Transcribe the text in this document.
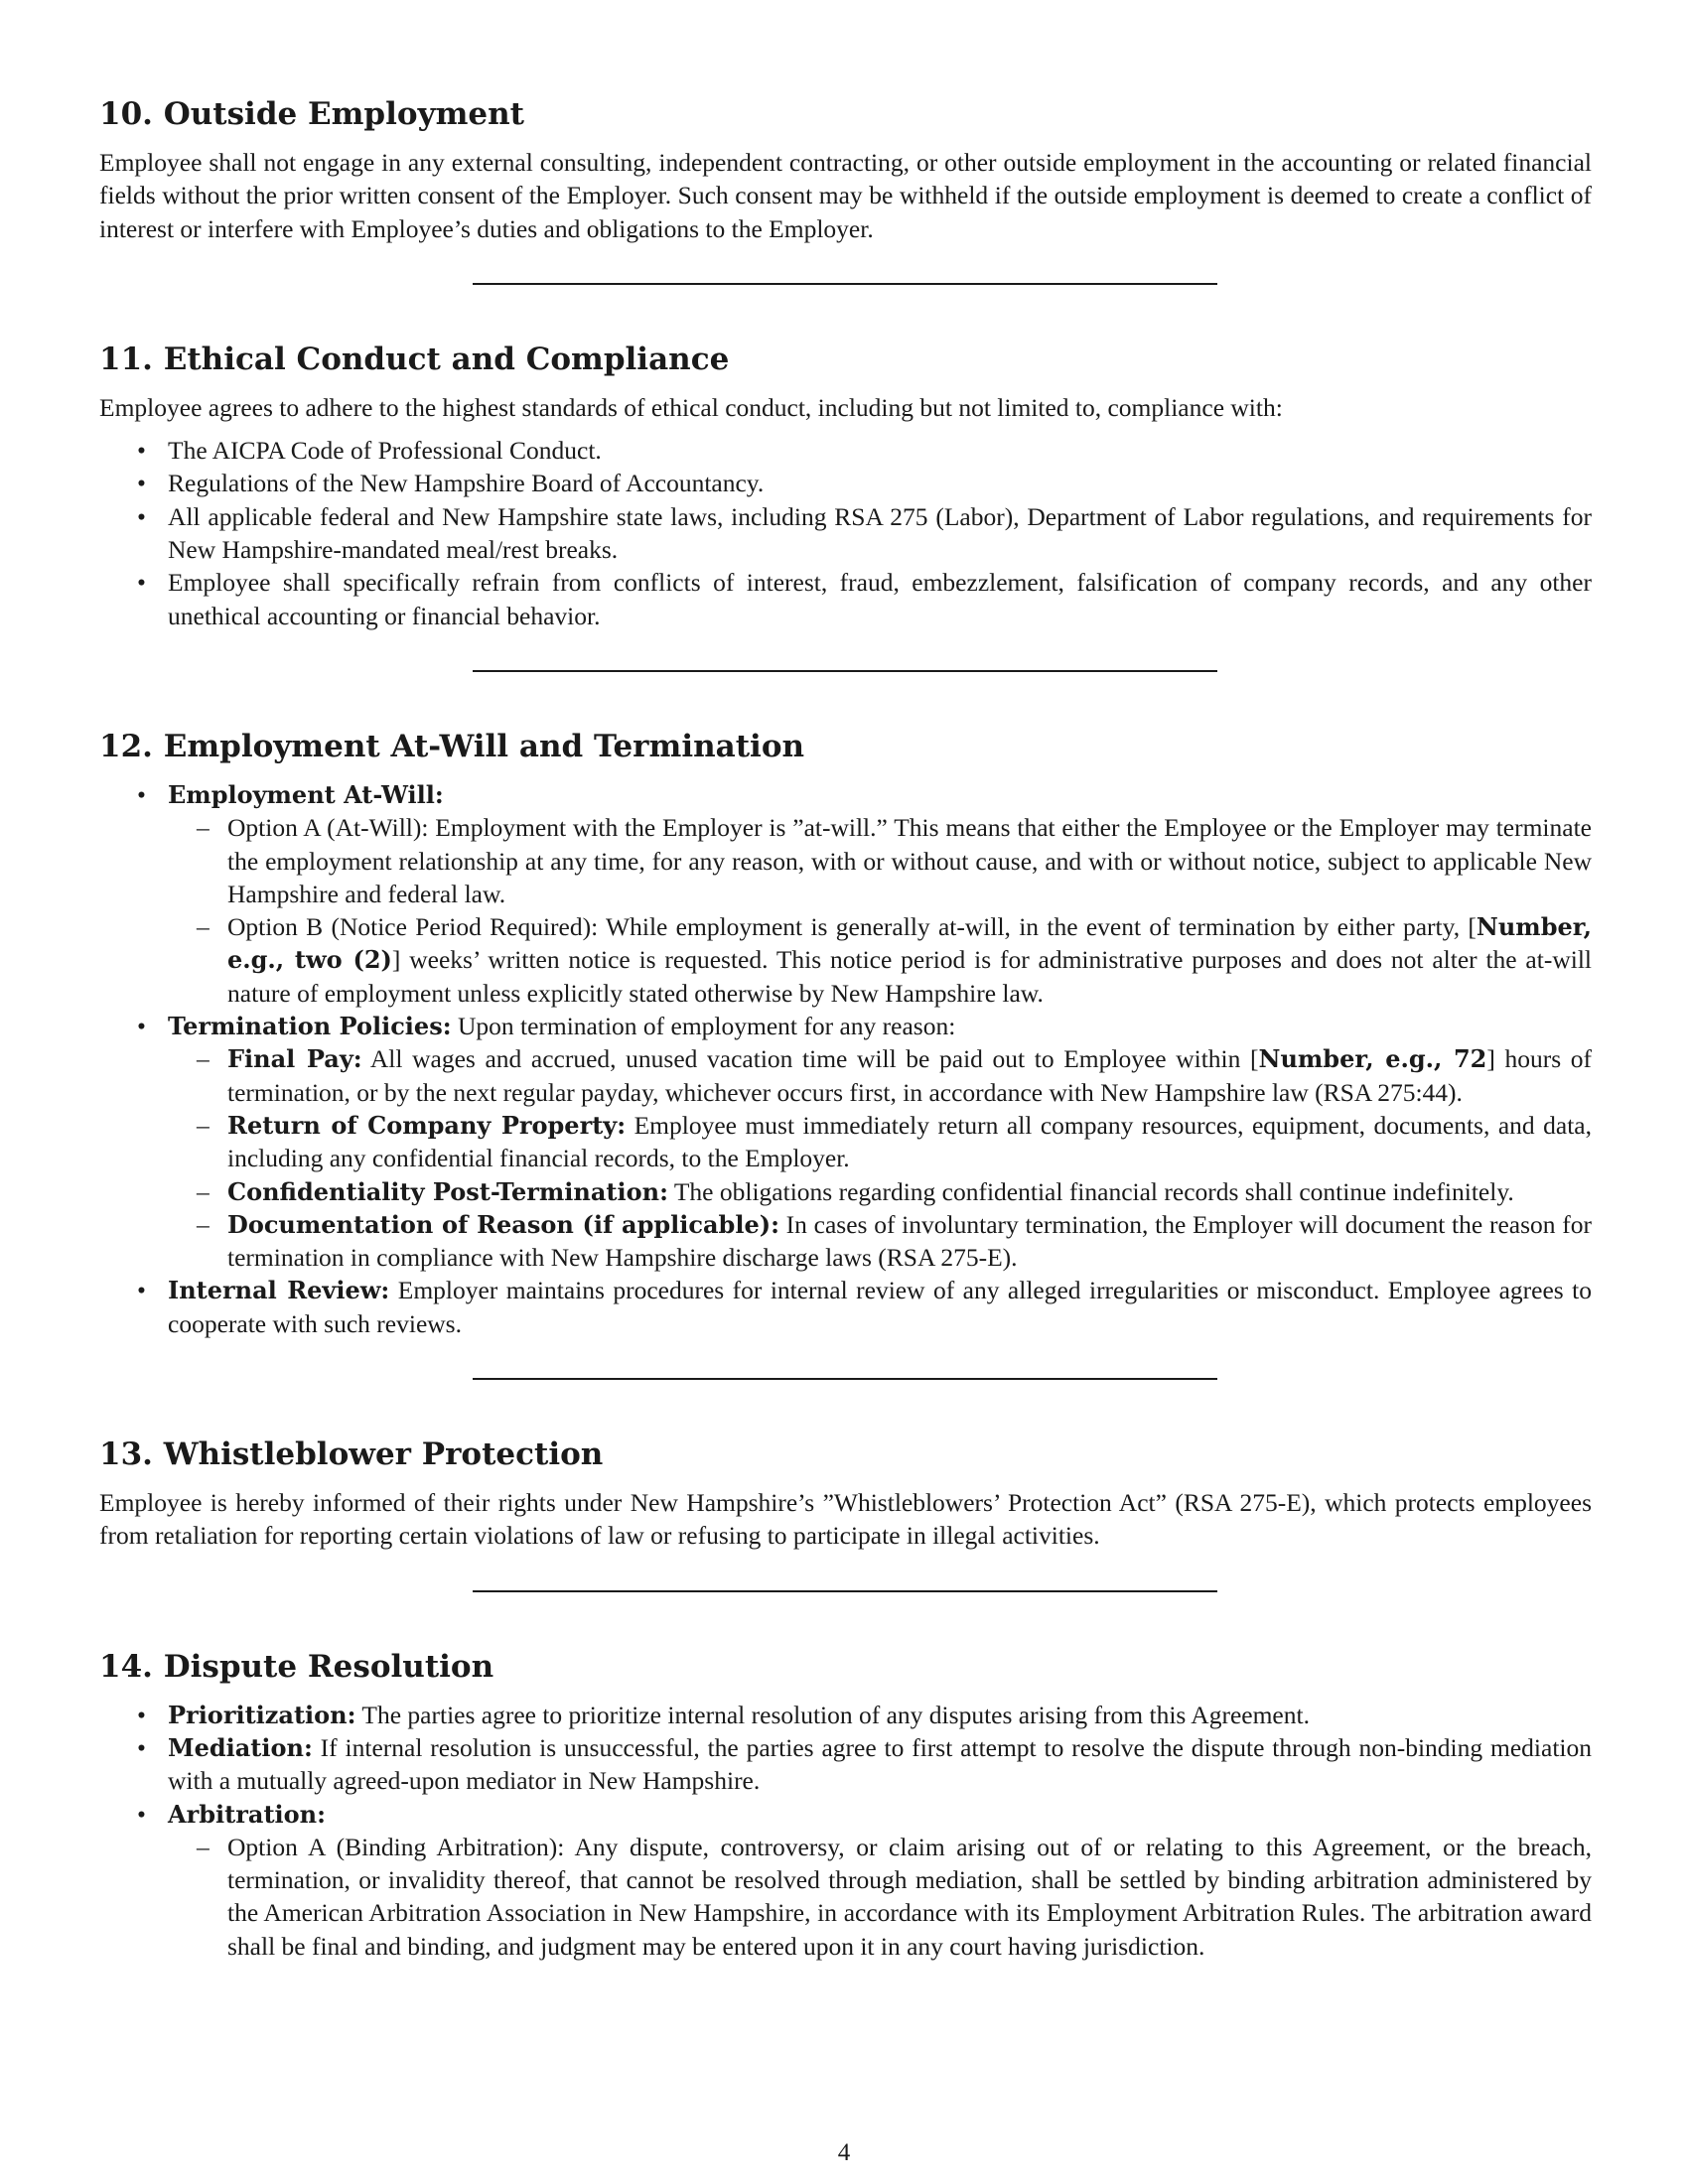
10. Outside Employment

Employee shall not engage in any external consulting, independent contracting, or other outside employment in the accounting or related financial fields without the prior written consent of the Employer. Such consent may be withheld if the outside employment is deemed to create a conflict of interest or interfere with Employee’s duties and obligations to the Employer.

11. Ethical Conduct and Compliance

Employee agrees to adhere to the highest standards of ethical conduct, including but not limited to, compliance with:

• The AICPA Code of Professional Conduct.
• Regulations of the New Hampshire Board of Accountancy.
• All applicable federal and New Hampshire state laws, including RSA 275 (Labor), Department of Labor regulations, and requirements for New Hampshire-mandated meal/rest breaks.
• Employee shall specifically refrain from conflicts of interest, fraud, embezzlement, falsification of company records, and any other unethical accounting or financial behavior.
12. Employment At-Will and Termination
• Employment At-Will:
– Option A (At-Will): Employment with the Employer is ”at-will.” This means that either the Employee or the Employer may terminate the employment relationship at any time, for any reason, with or without cause, and with or without notice, subject to applicable New Hampshire and federal law.
– Option B (Notice Period Required): While employment is generally at-will, in the event of termination by either party, [Number, e.g., two (2)] weeks’ written notice is requested. This notice period is for administrative purposes and does not alter the at-will nature of employment unless explicitly stated otherwise by New Hampshire law.
• Termination Policies: Upon termination of employment for any reason:
– Final Pay: All wages and accrued, unused vacation time will be paid out to Employee within [Number, e.g., 72] hours of termination, or by the next regular payday, whichever occurs first, in accordance with New Hampshire law (RSA 275:44).
– Return of Company Property: Employee must immediately return all company resources, equipment, documents, and data, including any confidential financial records, to the Employer.
– Confidentiality Post-Termination: The obligations regarding confidential financial records shall continue indefinitely.
– Documentation of Reason (if applicable): In cases of involuntary termination, the Employer will document the reason for termination in compliance with New Hampshire discharge laws (RSA 275-E).
• Internal Review: Employer maintains procedures for internal review of any alleged irregularities or misconduct. Employee agrees to cooperate with such reviews.
13. Whistleblower Protection

Employee is hereby informed of their rights under New Hampshire’s ”Whistleblowers’ Protection Act” (RSA 275-E), which protects employees from retaliation for reporting certain violations of law or refusing to participate in illegal activities.

14. Dispute Resolution
• Prioritization: The parties agree to prioritize internal resolution of any disputes arising from this Agreement.
• Mediation: If internal resolution is unsuccessful, the parties agree to first attempt to resolve the dispute through non-binding mediation with a mutually agreed-upon mediator in New Hampshire.
• Arbitration:
– Option A (Binding Arbitration): Any dispute, controversy, or claim arising out of or relating to this Agreement, or the breach, termination, or invalidity thereof, that cannot be resolved through mediation, shall be settled by binding arbitration administered by the American Arbitration Association in New Hampshire, in accordance with its Employment Arbitration Rules. The arbitration award shall be final and binding, and judgment may be entered upon it in any court having jurisdiction.
4
